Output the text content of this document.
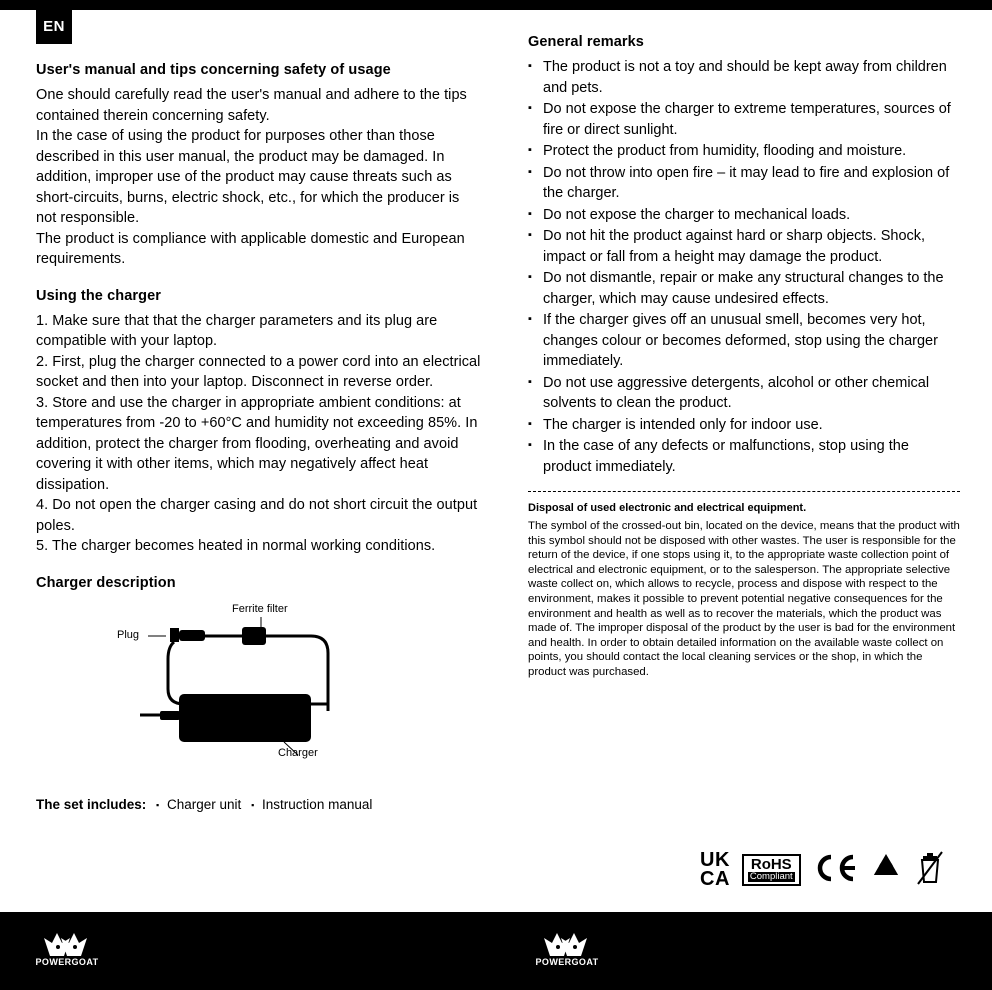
EN
User's manual and tips concerning safety of usage

One should carefully read the user's manual and adhere to the tips contained therein concerning safety.

In the case of using the product for purposes other than those described in this user manual, the product may be damaged. In addition, improper use of the product may cause threats such as short-circuits, burns, electric shock, etc., for which the producer is not responsible.

The product is compliance with applicable domestic and European requirements.

Using the charger

1. Make sure that that the charger parameters and its plug are compatible with your laptop.

2. First, plug the charger connected to a power cord into an electrical socket and then into your laptop. Disconnect in reverse order.

3. Store and use the charger in appropriate ambient conditions: at temperatures from -20 to +60°C and humidity not exceeding 85%. In addition, protect the charger from flooding, overheating and avoid covering it with other items, which may negatively affect heat dissipation.

4. Do not open the charger casing and do not short circuit the output poles.

5. The charger becomes heated in normal working conditions.

Charger description
Ferrite filter
Plug
Charger
The set includes: ▪ Charger unit ▪ Instruction manual
General remarks
▪ The product is not a toy and should be kept away from children and pets.
▪ Do not expose the charger to extreme temperatures, sources of fire or direct sunlight.
▪ Protect the product from humidity, flooding and moisture.
▪ Do not throw into open fire – it may lead to fire and explosion of the charger.
▪ Do not expose the charger to mechanical loads.
▪ Do not hit the product against hard or sharp objects. Shock, impact or fall from a height may damage the product.
▪ Do not dismantle, repair or make any structural changes to the charger, which may cause undesired effects.
▪ If the charger gives off an unusual smell, becomes very hot, changes colour or becomes deformed, stop using the charger immediately.
▪ Do not use aggressive detergents, alcohol or other chemical solvents to clean the product.
▪ The charger is intended only for indoor use.
▪ In the case of any defects or malfunctions, stop using the product immediately.
Disposal of used electronic and electrical equipment.

The symbol of the crossed-out bin, located on the device, means that the product with this symbol should not be disposed with other wastes. The user is responsible for the return of the device, if one stops using it, to the appropriate waste collection point of electrical and electronic equipment, or to the salesperson. The appropriate selective waste collect on, which allows to recycle, process and dispose with respect to the environment, makes it possible to prevent potential negative consequences for the environment and health as well as to recover the materials, which the product was made of. The improper disposal of the product by the user is bad for the environment and health. In order to obtain detailed information on the available waste collect on points, you should contact the local cleaning services or the shop, in which the product was purchased.

UK
CA
RoHS
Compliant
POWERGOAT	POWERGOAT
